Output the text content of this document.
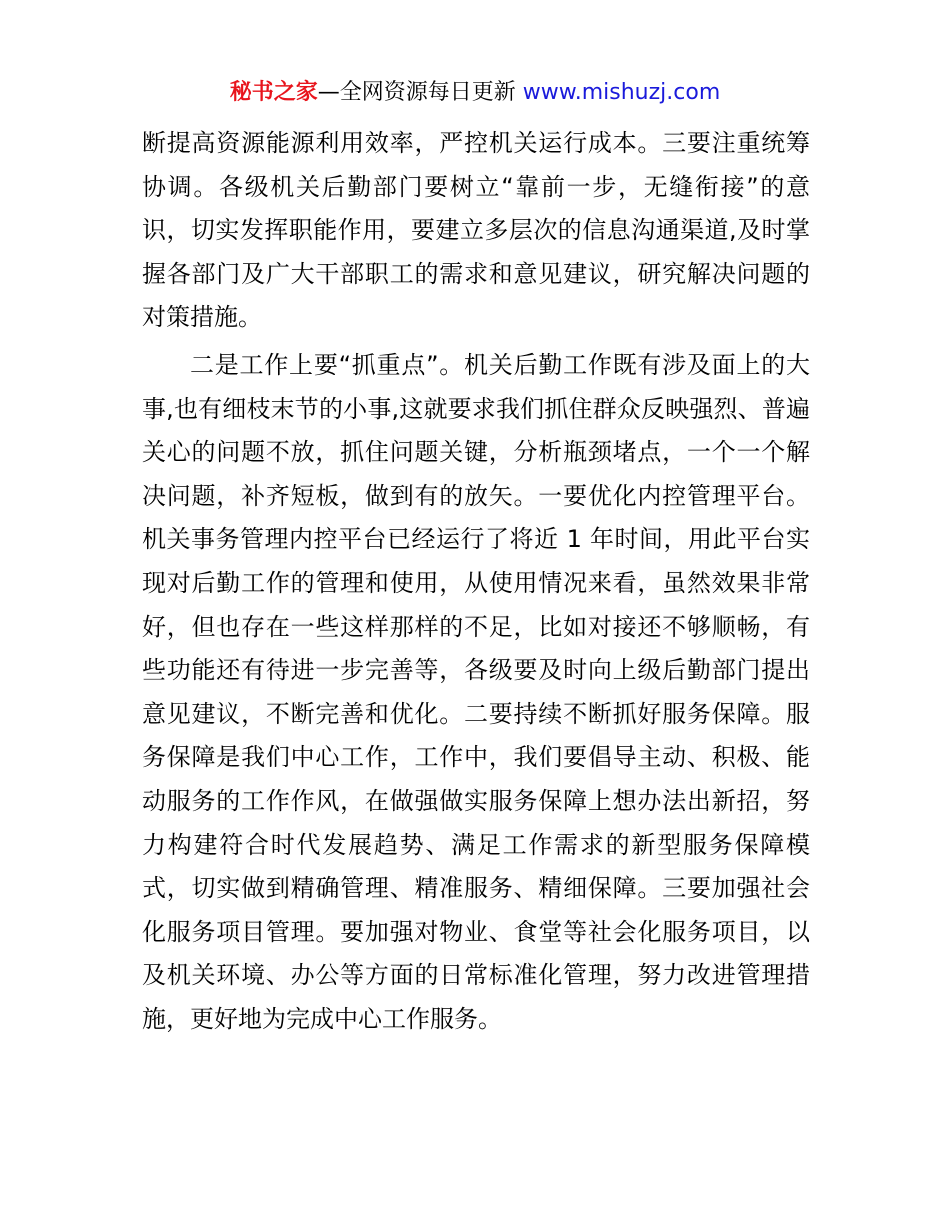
秘书之家—全网资源每日更新 www.mishuzj.com

断提高资源能源利用效率，严控机关运行成本。三要注重统筹协调。各级机关后勤部门要树立“靠前一步，无缝衔接”的意识，切实发挥职能作用，要建立多层次的信息沟通渠道,及时掌握各部门及广大干部职工的需求和意见建议，研究解决问题的对策措施。

二是工作上要“抓重点”。机关后勤工作既有涉及面上的大事,也有细枝末节的小事,这就要求我们抓住群众反映强烈、普遍关心的问题不放，抓住问题关键，分析瓶颈堵点，一个一个解决问题，补齐短板，做到有的放矢。一要优化内控管理平台。机关事务管理内控平台已经运行了将近 1 年时间，用此平台实现对后勤工作的管理和使用，从使用情况来看，虽然效果非常好，但也存在一些这样那样的不足，比如对接还不够顺畅，有些功能还有待进一步完善等，各级要及时向上级后勤部门提出意见建议，不断完善和优化。二要持续不断抓好服务保障。服务保障是我们中心工作，工作中，我们要倡导主动、积极、能动服务的工作作风，在做强做实服务保障上想办法出新招，努力构建符合时代发展趋势、满足工作需求的新型服务保障模式，切实做到精确管理、精准服务、精细保障。三要加强社会化服务项目管理。要加强对物业、食堂等社会化服务项目，以及机关环境、办公等方面的日常标准化管理，努力改进管理措施，更好地为完成中心工作服务。
